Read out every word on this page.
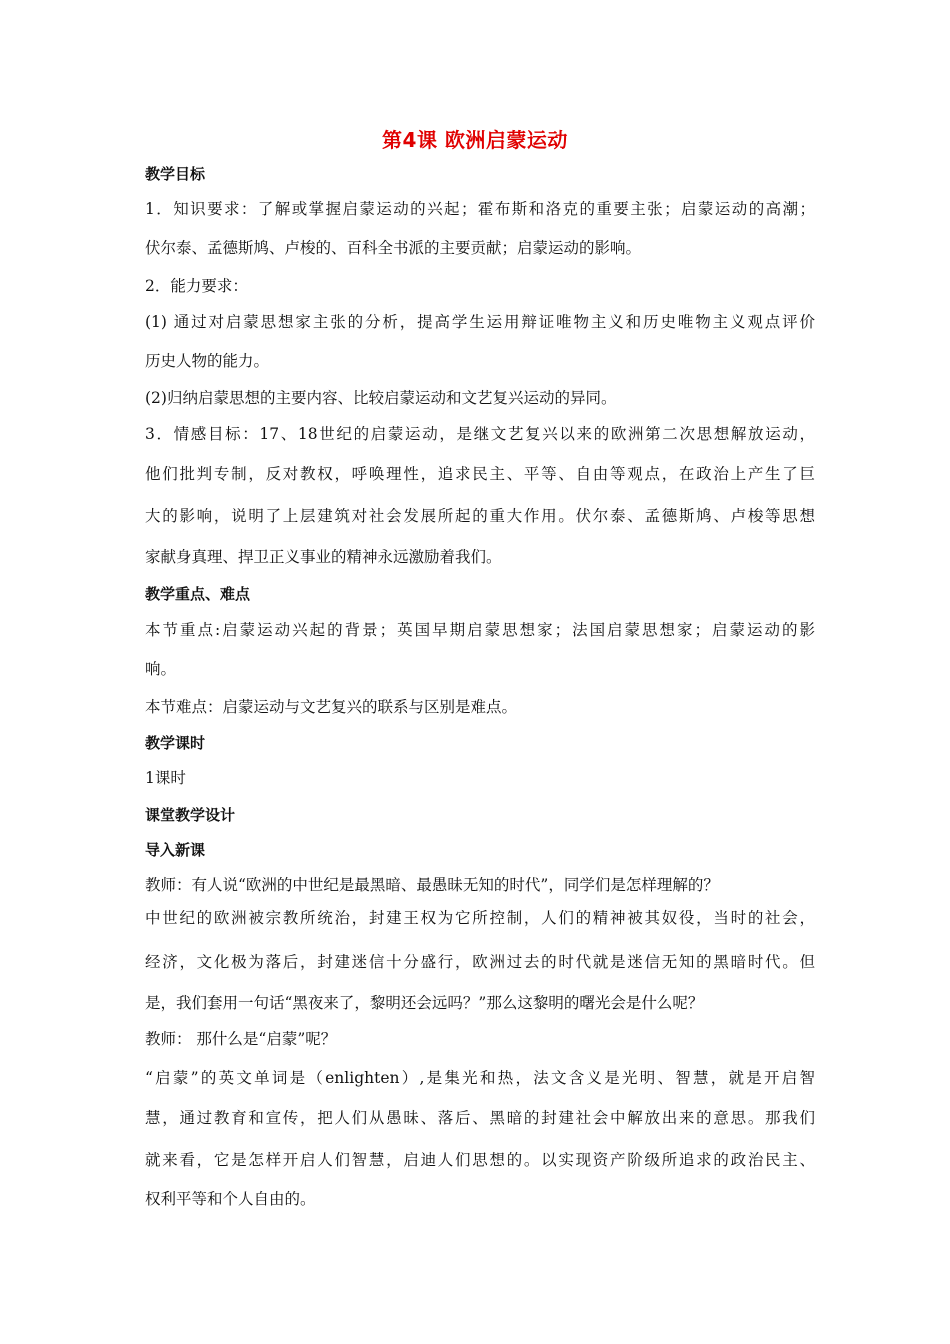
第4课 欧洲启蒙运动
教学目标
1．知识要求：了解或掌握启蒙运动的兴起；霍布斯和洛克的重要主张；启蒙运动的高潮；
伏尔泰、孟德斯鸠、卢梭的、百科全书派的主要贡献；启蒙运动的影响。
2．能力要求：
(1) 通过对启蒙思想家主张的分析，提高学生运用辩证唯物主义和历史唯物主义观点评价
历史人物的能力。
(2)归纳启蒙思想的主要内容、比较启蒙运动和文艺复兴运动的异同。
3．情感目标：17、18世纪的启蒙运动，是继文艺复兴以来的欧洲第二次思想解放运动，
他们批判专制，反对教权，呼唤理性，追求民主、平等、自由等观点，在政治上产生了巨
大的影响，说明了上层建筑对社会发展所起的重大作用。伏尔泰、孟德斯鸠、卢梭等思想
家献身真理、捍卫正义事业的精神永远激励着我们。
教学重点、难点
本节重点:启蒙运动兴起的背景；英国早期启蒙思想家；法国启蒙思想家；启蒙运动的影
响。
本节难点：启蒙运动与文艺复兴的联系与区别是难点。
教学课时
1课时
课堂教学设计
导入新课
教师：有人说“欧洲的中世纪是最黑暗、最愚昧无知的时代”，同学们是怎样理解的？
中世纪的欧洲被宗教所统治，封建王权为它所控制，人们的精神被其奴役，当时的社会，
经济，文化极为落后，封建迷信十分盛行，欧洲过去的时代就是迷信无知的黑暗时代。但
是，我们套用一句话“黑夜来了，黎明还会远吗？”那么这黎明的曙光会是什么呢？
教师： 那什么是“启蒙”呢？
“启蒙”的英文单词是（enlighten）,是集光和热，法文含义是光明、智慧，就是开启智
慧，通过教育和宣传，把人们从愚昧、落后、黑暗的封建社会中解放出来的意思。那我们
就来看，它是怎样开启人们智慧，启迪人们思想的。以实现资产阶级所追求的政治民主、
权利平等和个人自由的。
